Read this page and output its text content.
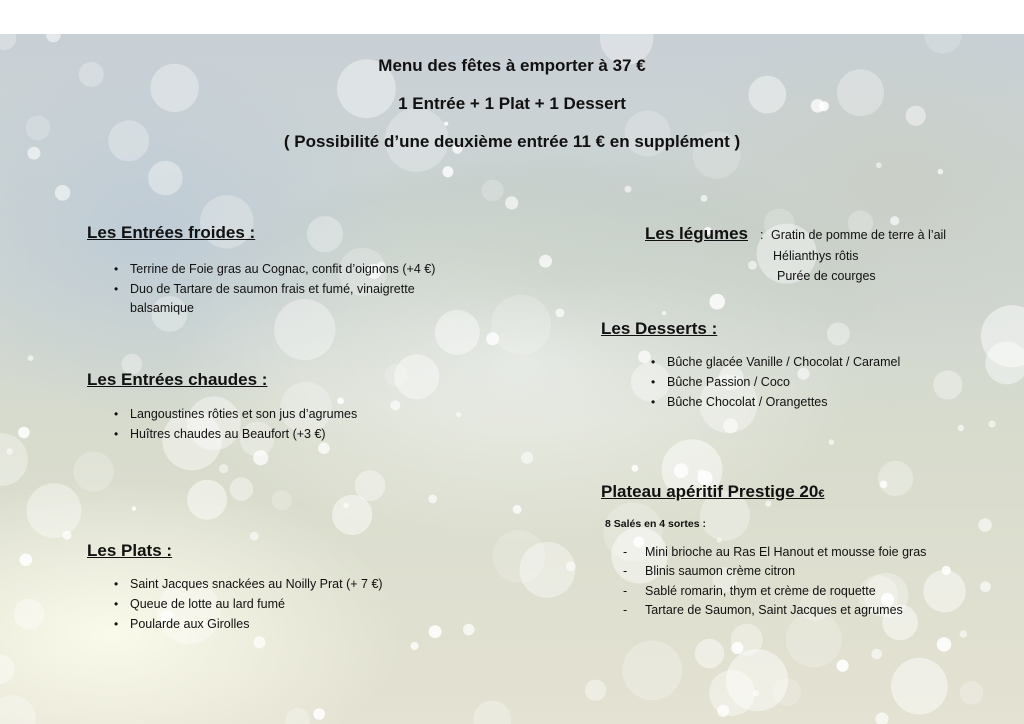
Menu des fêtes à emporter à 37 €
1 Entrée + 1 Plat + 1 Dessert
( Possibilité d’une deuxième entrée 11 € en supplément )
Les Entrées froides :
• Terrine de Foie gras au Cognac, confit d’oignons (+4 €)
• Duo de Tartare de saumon frais et fumé, vinaigrette
balsamique
Les Entrées chaudes :
• Langoustines rôties et son jus d’agrumes
• Huîtres chaudes au Beaufort (+3 €)
Les Plats :
• Saint Jacques snackées au Noilly Prat (+ 7 €)
• Queue de lotte au lard fumé
• Poularde aux Girolles
Les légumes : Gratin de pomme de terre à l’ail
Hélianthys rôtis
Purée de courges
Les Desserts :
• Bûche glacée Vanille / Chocolat / Caramel
• Bûche Passion / Coco
• Bûche Chocolat / Orangettes
Plateau apéritif Prestige 20€
8 Salés en 4 sortes :
- Mini brioche au Ras El Hanout et mousse foie gras
- Blinis saumon crème citron
- Sablé romarin, thym et crème de roquette
- Tartare de Saumon, Saint Jacques et agrumes
